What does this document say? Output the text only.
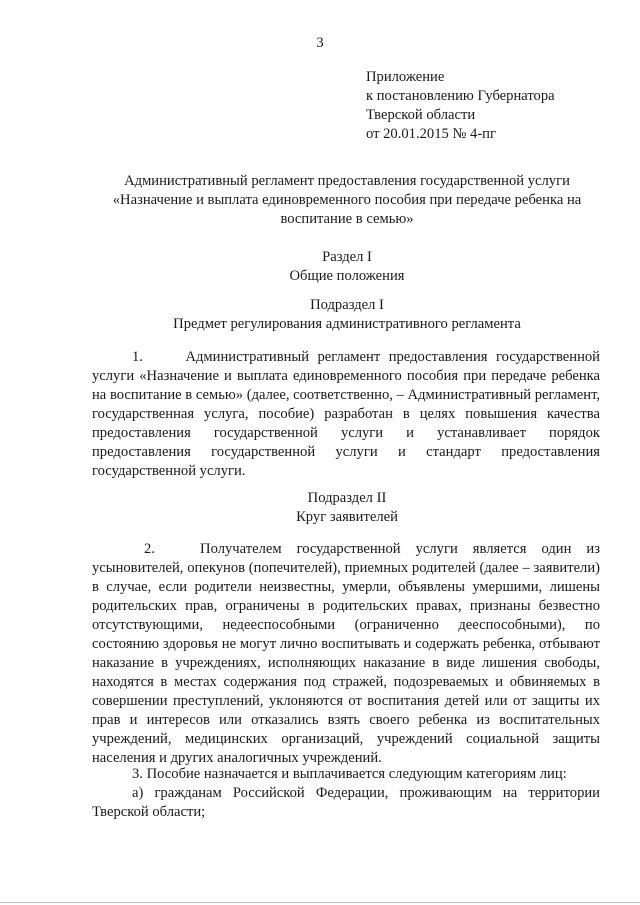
3
Приложение
к постановлению Губернатора
Тверской области
от 20.01.2015 № 4-пг
Административный регламент предоставления государственной услуги
«Назначение и выплата единовременного пособия при передаче ребенка на
воспитание в семью»
Раздел I
Общие положения
Подраздел I
Предмет регулирования административного регламента
1.	Административный регламент предоставления государственной услуги «Назначение и выплата единовременного пособия при передаче ребенка на воспитание в семью» (далее, соответственно, – Административный регламент, государственная услуга, пособие) разработан в целях повышения качества предоставления государственной услуги и устанавливает порядок предоставления государственной услуги и стандарт предоставления государственной услуги.
Подраздел II
Круг заявителей
2.	Получателем государственной услуги является один из усыновителей, опекунов (попечителей), приемных родителей (далее – заявители) в случае, если родители неизвестны, умерли, объявлены умершими, лишены родительских прав, ограничены в родительских правах, признаны безвестно отсутствующими, недееспособными (ограниченно дееспособными), по состоянию здоровья не могут лично воспитывать и содержать ребенка, отбывают наказание в учреждениях, исполняющих наказание в виде лишения свободы, находятся в местах содержания под стражей, подозреваемых и обвиняемых в совершении преступлений, уклоняются от воспитания детей или от защиты их прав и интересов или отказались взять своего ребенка из воспитательных учреждений, медицинских организаций, учреждений социальной защиты населения и других аналогичных учреждений.
3. Пособие назначается и выплачивается следующим категориям лиц:
а) гражданам Российской Федерации, проживающим на территории Тверской области;
